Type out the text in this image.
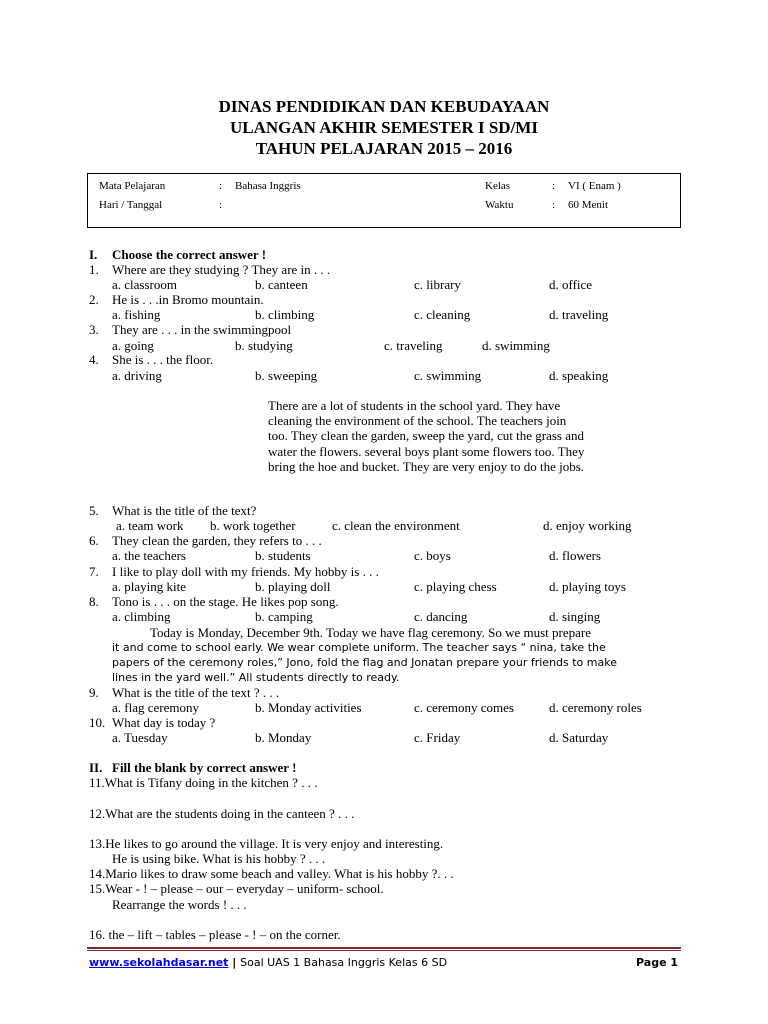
DINAS PENDIDIKAN DAN KEBUDAYAAN
ULANGAN AKHIR SEMESTER I SD/MI
TAHUN PELAJARAN 2015 – 2016
Mata Pelajaran	: Bahasa Inggris	Kelas	: VI ( Enam )
Hari / Tanggal	:	Waktu	: 60 Menit
I. Choose the correct answer !
1. Where are they studying ? They are in . . .
a. classroom	b. canteen	c. library	d. office
2. He is . . .in Bromo mountain.
a. fishing	b. climbing	c. cleaning	d. traveling
3. They are . . . in the swimmingpool
a. going	b. studying	c. traveling	d. swimming
4. She is . . . the floor.
a. driving	b. sweeping	c. swimming	d. speaking
There are a lot of students in the school yard. They have cleaning the environment of the school. The teachers join too. They clean the garden, sweep the yard, cut the grass and water the flowers. several boys plant some flowers too. They bring the hoe and bucket. They are very enjoy to do the jobs.
5. What is the title of the text?
a. team work b. work together	c. clean the environment	d. enjoy working
6. They clean the garden, they refers to . . .
a. the teachers	b. students	c. boys	d. flowers
7. I like to play doll with my friends. My hobby is . . .
a. playing kite	b. playing doll	c. playing chess	d. playing toys
8. Tono is . . . on the stage. He likes pop song.
a. climbing	b. camping	c. dancing	d. singing
Today is Monday, December 9th. Today we have flag ceremony. So we must prepare
it and come to school early. We wear complete uniform. The teacher says “ nina, take the
papers of the ceremony roles,” Jono, fold the flag and Jonatan prepare your friends to make
lines in the yard well.” All students directly to ready.
9. What is the title of the text ? . . .
a. flag ceremony	b. Monday activities	c. ceremony comes	d. ceremony roles
10. What day is today ?
a. Tuesday	b. Monday	c. Friday	d. Saturday
II. Fill the blank by correct answer !
11.What is Tifany doing in the kitchen ? . . .
12.What are the students doing in the canteen ? . . .
13.He likes to go around the village. It is very enjoy and interesting.
He is using bike. What is his hobby ? . . .
14.Mario likes to draw some beach and valley. What is his hobby ?. . .
15.Wear - ! – please – our – everyday – uniform- school.
Rearrange the words ! . . .
16. the – lift – tables – please - ! – on the corner.
www.sekolahdasar.net | Soal UAS 1 Bahasa Inggris Kelas 6 SD	Page 1
